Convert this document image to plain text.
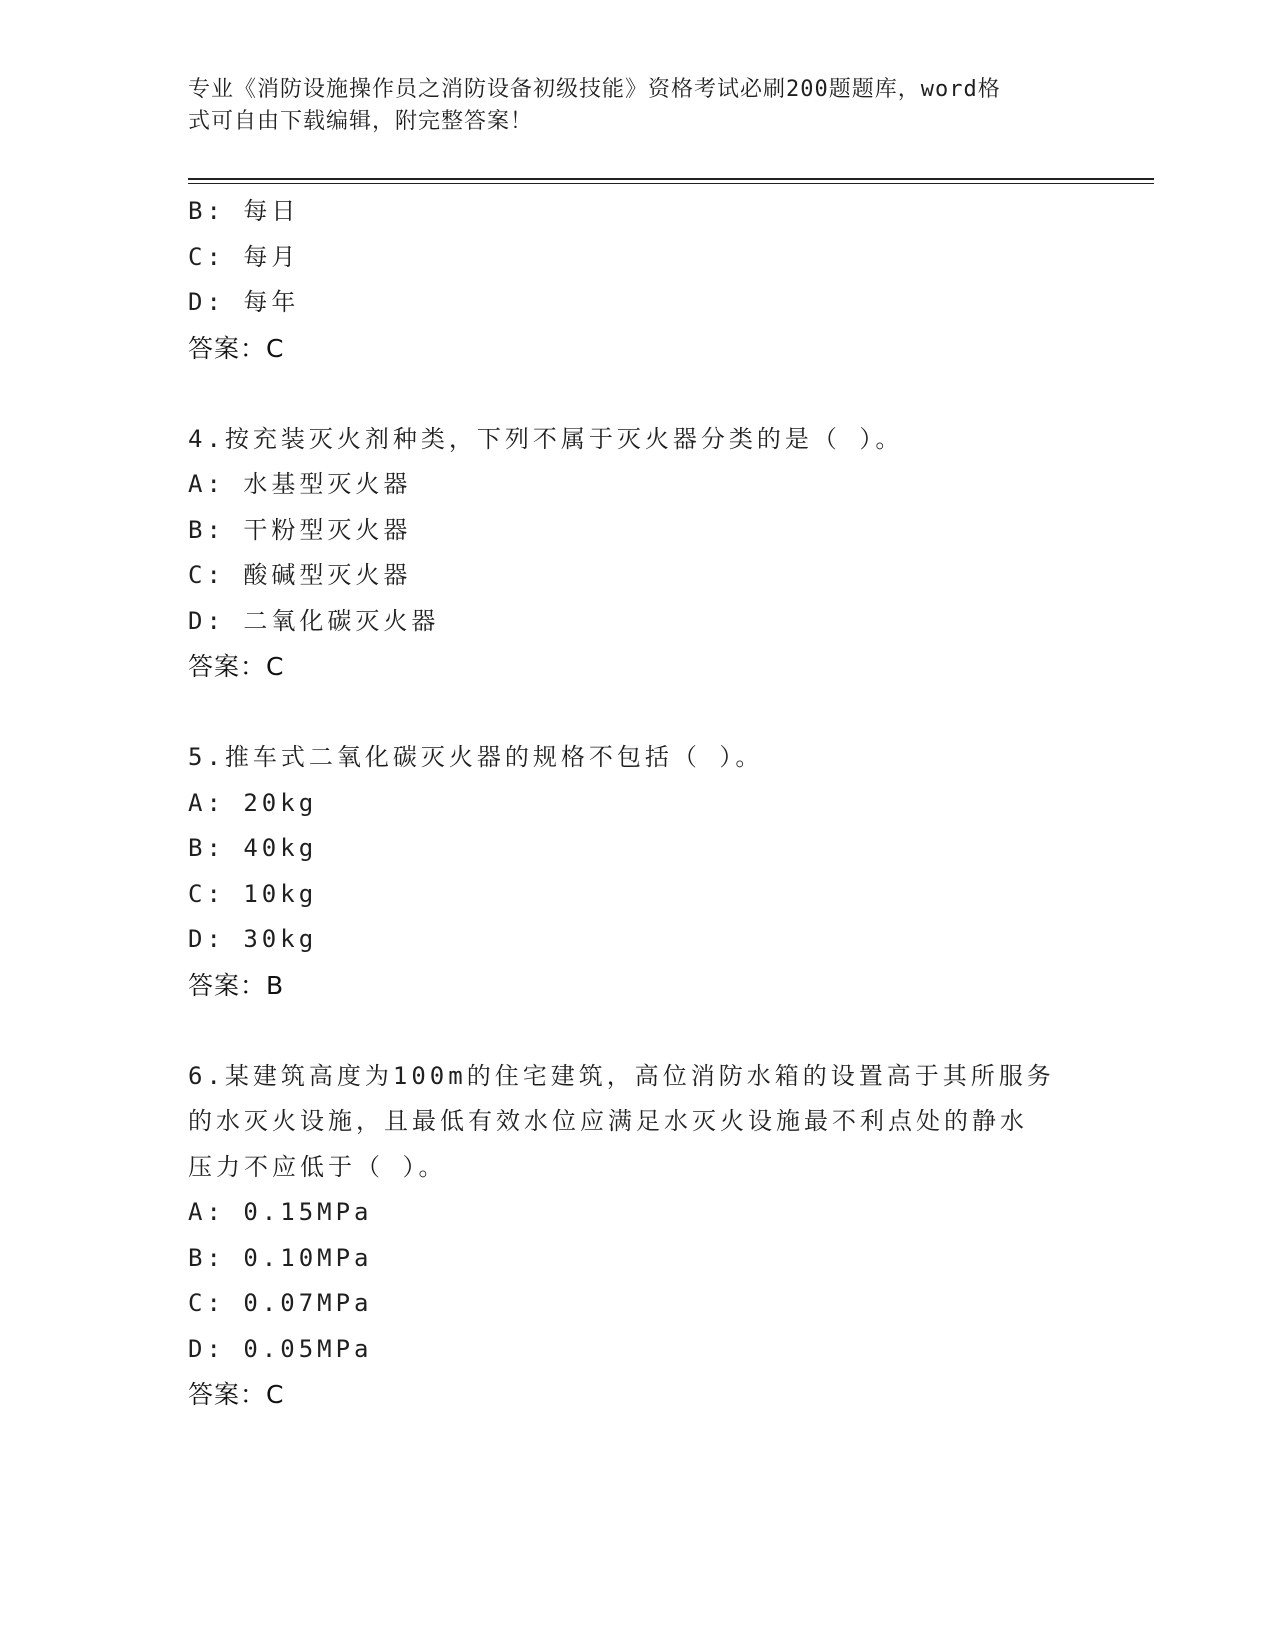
专业《消防设施操作员之消防设备初级技能》资格考试必刷200题题库，word格
式可自由下载编辑，附完整答案！
B: 每日
C: 每月
D: 每年
答案：C
4.按充装灭火剂种类，下列不属于灭火器分类的是（ ）。
A: 水基型灭火器
B: 干粉型灭火器
C: 酸碱型灭火器
D: 二氧化碳灭火器
答案：C
5.推车式二氧化碳灭火器的规格不包括（ ）。
A: 20kg
B: 40kg
C: 10kg
D: 30kg
答案：B
6.某建筑高度为100m的住宅建筑，高位消防水箱的设置高于其所服务
的水灭火设施，且最低有效水位应满足水灭火设施最不利点处的静水
压力不应低于（ ）。
A: 0.15MPa
B: 0.10MPa
C: 0.07MPa
D: 0.05MPa
答案：C
